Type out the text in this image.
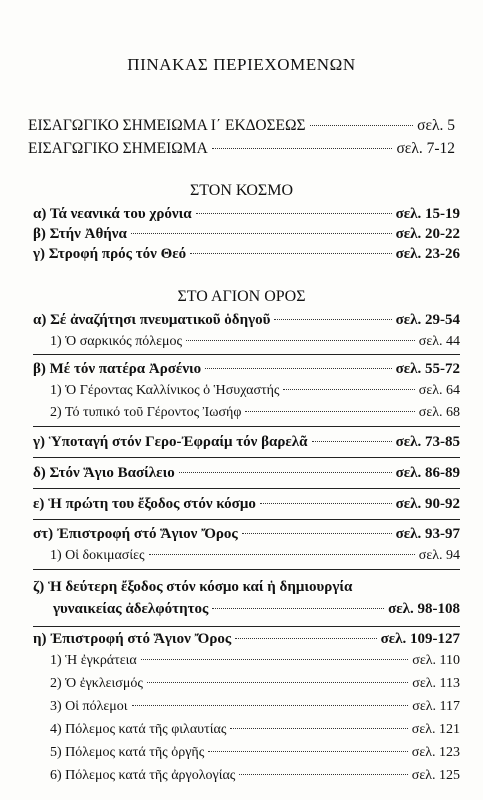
ΠΙΝΑΚΑΣ ΠΕΡΙΕΧΟΜΕΝΩΝ
ΕΙΣΑΓΩΓΙΚΟ ΣΗΜΕΙΩΜΑ Ι΄ ΕΚΔΟΣΕΩΣ	σελ. 5
ΕΙΣΑΓΩΓΙΚΟ ΣΗΜΕΙΩΜΑ	σελ. 7-12
ΣΤΟΝ ΚΟΣΜΟ
α) Τά νεανικά του χρόνια	σελ. 15-19
β) Στήν Ἀθήνα	σελ. 20-22
γ) Στροφή πρός τόν Θεό	σελ. 23-26
ΣΤΟ ΑΓΙΟΝ ΟΡΟΣ
α) Σέ ἀναζήτησι πνευματικοῦ ὁδηγοῦ	σελ. 29-54
1) Ὁ σαρκικός πόλεμος	σελ. 44
β) Μέ τόν πατέρα Ἀρσένιο	σελ. 55-72
1) Ὁ Γέροντας Καλλίνικος ὁ Ἡσυχαστής	σελ. 64
2) Τό τυπικό τοῦ Γέροντος Ἰωσήφ	σελ. 68
γ) Ὑποταγή στόν Γερο-Ἐφραίμ τόν βαρελᾶ	σελ. 73-85
δ) Στόν Ἅγιο Βασίλειο	σελ. 86-89
ε) Ἡ πρώτη του ἔξοδος στόν κόσμο	σελ. 90-92
στ) Ἐπιστροφή στό Ἅγιον Ὄρος	σελ. 93-97
1) Οἱ δοκιμασίες	σελ. 94
ζ) Ἡ δεύτερη ἔξοδος στόν κόσμο καί ἡ δημιουργία
γυναικείας ἀδελφότητος	σελ. 98-108
η) Ἐπιστροφή στό Ἅγιον Ὄρος	σελ. 109-127
1) Ἡ ἐγκράτεια	σελ. 110
2) Ὁ ἐγκλεισμός	σελ. 113
3) Οἱ πόλεμοι	σελ. 117
4) Πόλεμος κατά τῆς φιλαυτίας	σελ. 121
5) Πόλεμος κατά τῆς ὀργῆς	σελ. 123
6) Πόλεμος κατά τῆς ἀργολογίας	σελ. 125
